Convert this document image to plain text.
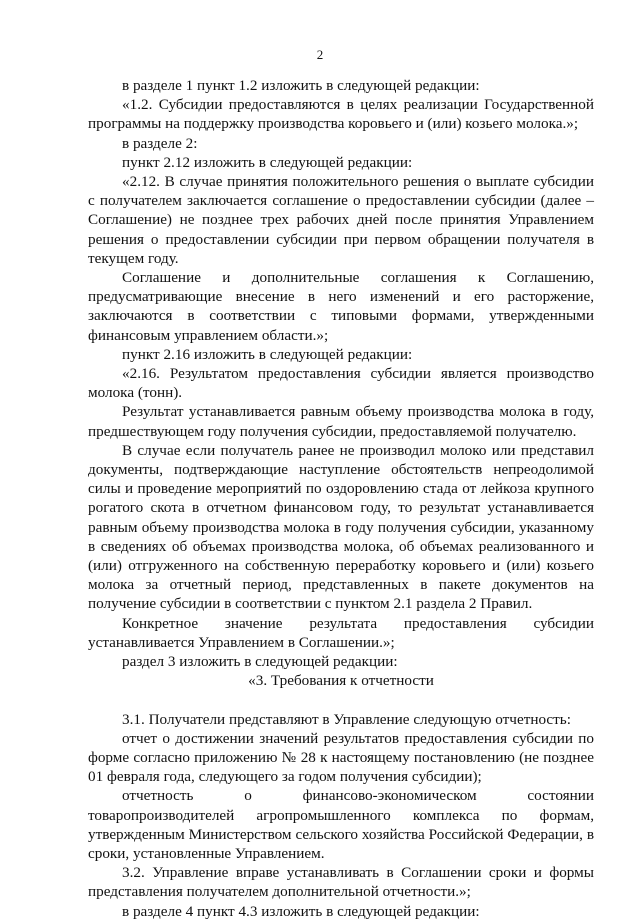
2

в разделе 1 пункт 1.2 изложить в следующей редакции:

«1.2. Субсидии предоставляются в целях реализации Государственной программы на поддержку производства коровьего и (или) козьего молока.»;

в разделе 2:

пункт 2.12 изложить в следующей редакции:

«2.12. В случае принятия положительного решения о выплате субсидии с получателем заключается соглашение о предоставлении субсидии (далее – Соглашение) не позднее трех рабочих дней после принятия Управлением решения о предоставлении субсидии при первом обращении получателя в текущем году.

Соглашение и дополнительные соглашения к Соглашению, предусматривающие внесение в него изменений и его расторжение, заключаются в соответствии с типовыми формами, утвержденными финансовым управлением области.»;

пункт 2.16 изложить в следующей редакции:

«2.16. Результатом предоставления субсидии является производство молока (тонн).

Результат устанавливается равным объему производства молока в году, предшествующем году получения субсидии, предоставляемой получателю.

В случае если получатель ранее не производил молоко или представил документы, подтверждающие наступление обстоятельств непреодолимой силы и проведение мероприятий по оздоровлению стада от лейкоза крупного рогатого скота в отчетном финансовом году, то результат устанавливается равным объему производства молока в году получения субсидии, указанному в сведениях об объемах производства молока, об объемах реализованного и (или) отгруженного на собственную переработку коровьего и (или) козьего молока за отчетный период, представленных в пакете документов на получение субсидии в соответствии с пунктом 2.1 раздела 2 Правил.

Конкретное значение результата предоставления субсидии устанавливается Управлением в Соглашении.»;

раздел 3 изложить в следующей редакции:

«3. Требования к отчетности

3.1. Получатели представляют в Управление следующую отчетность:

отчет о достижении значений результатов предоставления субсидии по форме согласно приложению № 28 к настоящему постановлению (не позднее 01 февраля года, следующего за годом получения субсидии);

отчетность о финансово-экономическом состоянии товаропроизводителей агропромышленного комплекса по формам, утвержденным Министерством сельского хозяйства Российской Федерации, в сроки, установленные Управлением.

3.2. Управление вправе устанавливать в Соглашении сроки и формы представления получателем дополнительной отчетности.»;

в разделе 4 пункт 4.3 изложить в следующей редакции:
